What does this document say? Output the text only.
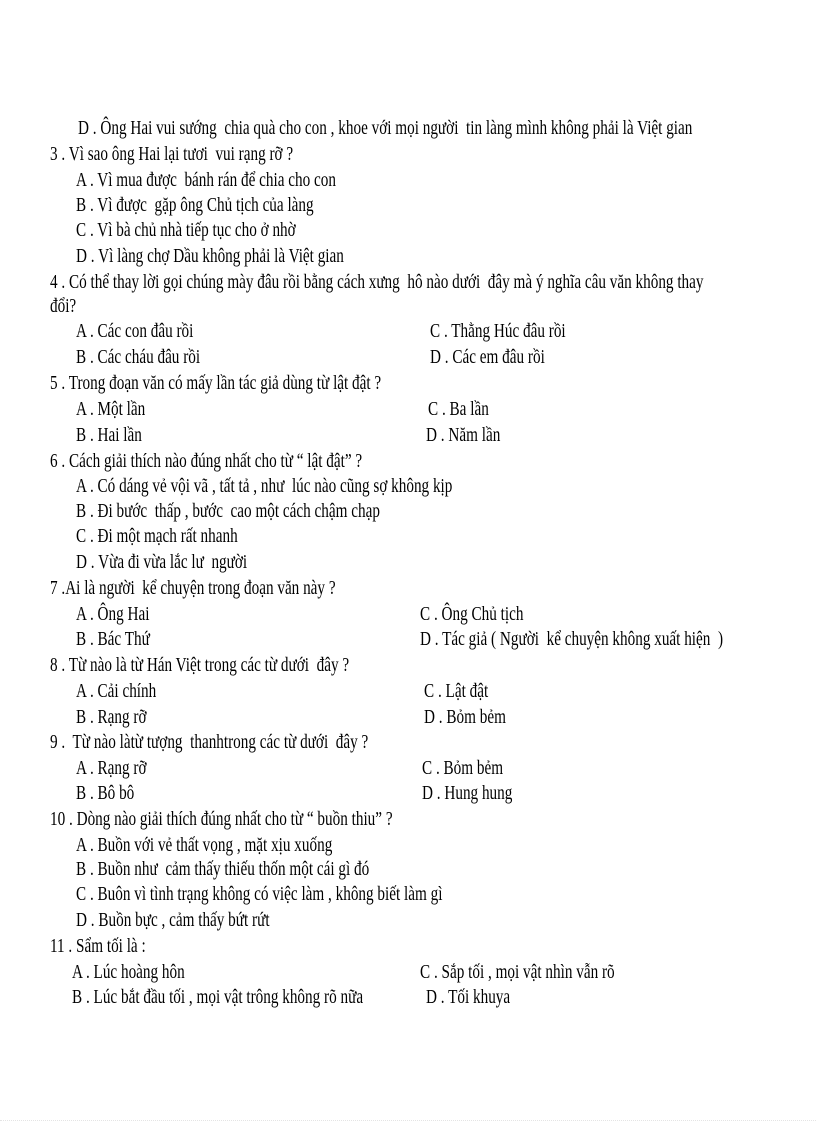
D . Ông Hai vui sướng  chia quà cho con , khoe với mọi người  tin làng mình không phải là Việt gian
3 . Vì sao ông Hai lại tươi  vui rạng rỡ ?
A . Vì mua được  bánh rán để chia cho con
B . Vì được  gặp ông Chủ tịch của làng
C . Vì bà chủ nhà tiếp tục cho ở nhờ
D . Vì làng chợ Dầu không phải là Việt gian
4 . Có thể thay lời gọi chúng mày đâu rồi bằng cách xưng  hô nào dưới  đây mà ý nghĩa câu văn không thay
đổi?
A . Các con đâu rồi	C . Thằng Húc đâu rồi
B . Các cháu đâu rồi	D . Các em đâu rồi
5 . Trong đoạn văn có mấy lần tác giả dùng từ lật đật ?
A . Một lần	C . Ba lần
B . Hai lần	D . Năm lần
6 . Cách giải thích nào đúng nhất cho từ “ lật đật” ?
A . Có dáng vẻ vội vã , tất tả , như  lúc nào cũng sợ không kịp
B . Đi bước  thấp , bước  cao một cách chậm chạp
C . Đi một mạch rất nhanh
D . Vừa đi vừa lắc lư  người
7 .Ai là người  kể chuyện trong đoạn văn này ?
A . Ông Hai	C . Ông Chủ tịch
B . Bác Thứ	D . Tác giả ( Người  kể chuyện không xuất hiện  )
8 . Từ nào là từ Hán Việt trong các từ dưới  đây ?
A . Cải chính	C . Lật đật
B . Rạng rỡ	D . Bỏm bẻm
9 .  Từ nào làtừ tượng  thanhtrong các từ dưới  đây ?
A . Rạng rỡ	C . Bỏm bẻm
B . Bô bô	D . Hung hung
10 . Dòng nào giải thích đúng nhất cho từ “ buồn thiu” ?
A . Buồn với vẻ thất vọng , mặt xịu xuống
B . Buồn như  cảm thấy thiếu thốn một cái gì đó
C . Buôn vì tình trạng không có việc làm , không biết làm gì
D . Buồn bực , cảm thấy bứt rứt
11 . Sẩm tối là :
A . Lúc hoàng hôn	C . Sắp tối , mọi vật nhìn vẫn rõ
B . Lúc bắt đầu tối , mọi vật trông không rõ nữa	D . Tối khuya
